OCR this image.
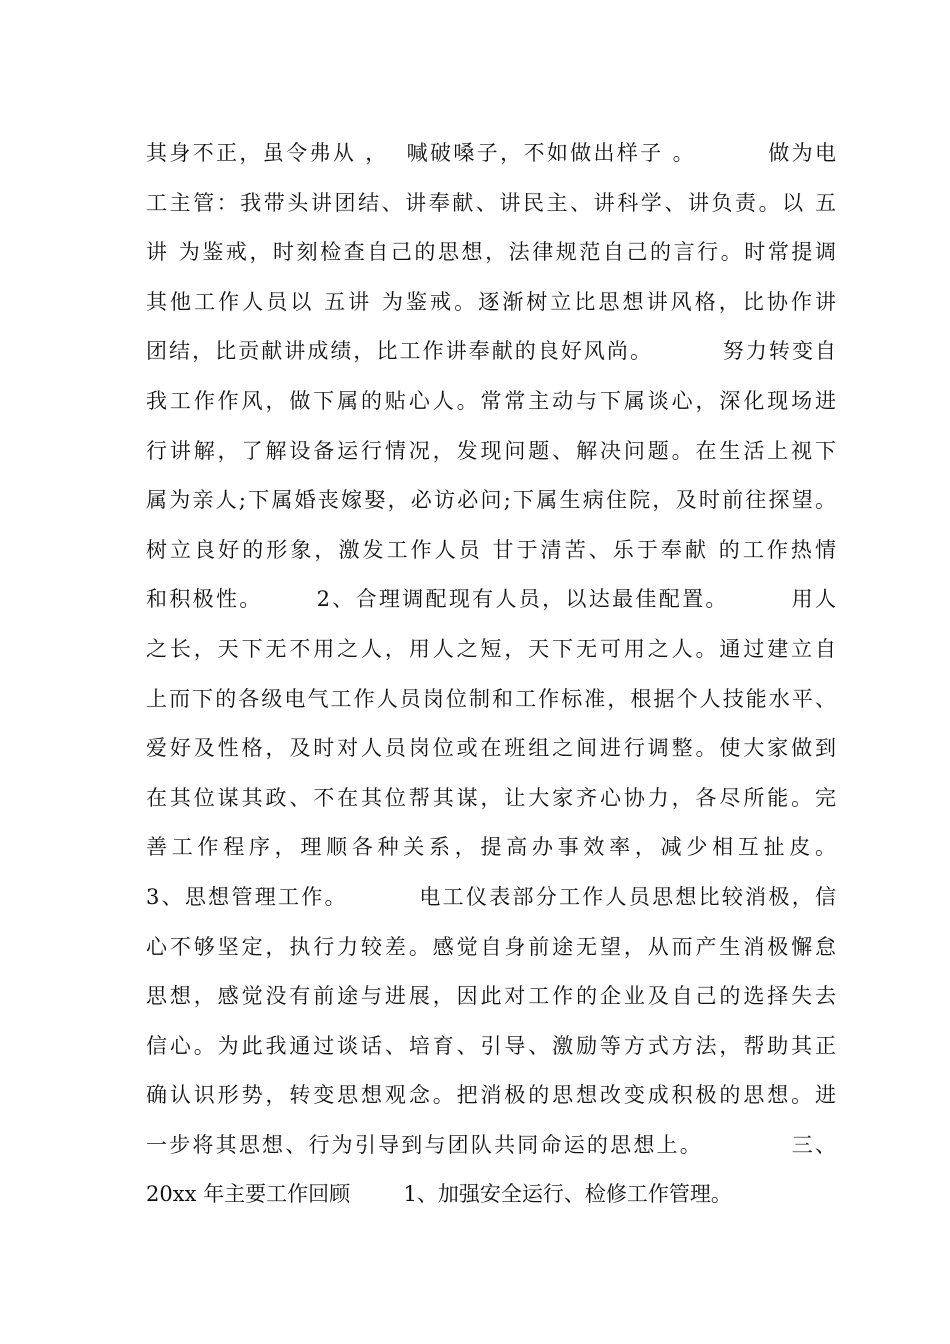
其身不正，虽令弗从 ，  喊破嗓子，不如做出样子 。        做为电
工主管：我带头讲团结、讲奉献、讲民主、讲科学、讲负责。以 五
讲 为鉴戒，时刻检查自己的思想，法律规范自己的言行。时常提调
其他工作人员以 五讲 为鉴戒。逐渐树立比思想讲风格，比协作讲
团结，比贡献讲成绩，比工作讲奉献的良好风尚。        努力转变自
我工作作风，做下属的贴心人。常常主动与下属谈心，深化现场进
行讲解，了解设备运行情况，发现问题、解决问题。在生活上视下
属为亲人;下属婚丧嫁娶，必访必问;下属生病住院，及时前往探望。
树立良好的形象，激发工作人员 甘于清苦、乐于奉献 的工作热情
和积极性。      2、合理调配现有人员，以达最佳配置。       用人
之长，天下无不用之人，用人之短，天下无可用之人。通过建立自
上而下的各级电气工作人员岗位制和工作标准，根据个人技能水平、
爱好及性格，及时对人员岗位或在班组之间进行调整。使大家做到
在其位谋其政、不在其位帮其谋，让大家齐心协力，各尽所能。完
善工作程序，理顺各种关系，提高办事效率，减少相互扯皮。
3、思想管理工作。        电工仪表部分工作人员思想比较消极，信
心不够坚定，执行力较差。感觉自身前途无望，从而产生消极懈怠
思想，感觉没有前途与进展，因此对工作的企业及自己的选择失去
信心。为此我通过谈话、培育、引导、激励等方式方法，帮助其正
确认识形势，转变思想观念。把消极的思想改变成积极的思想。进
一步将其思想、行为引导到与团队共同命运的思想上。          三、
20xx 年主要工作回顾        1、加强安全运行、检修工作管理。
